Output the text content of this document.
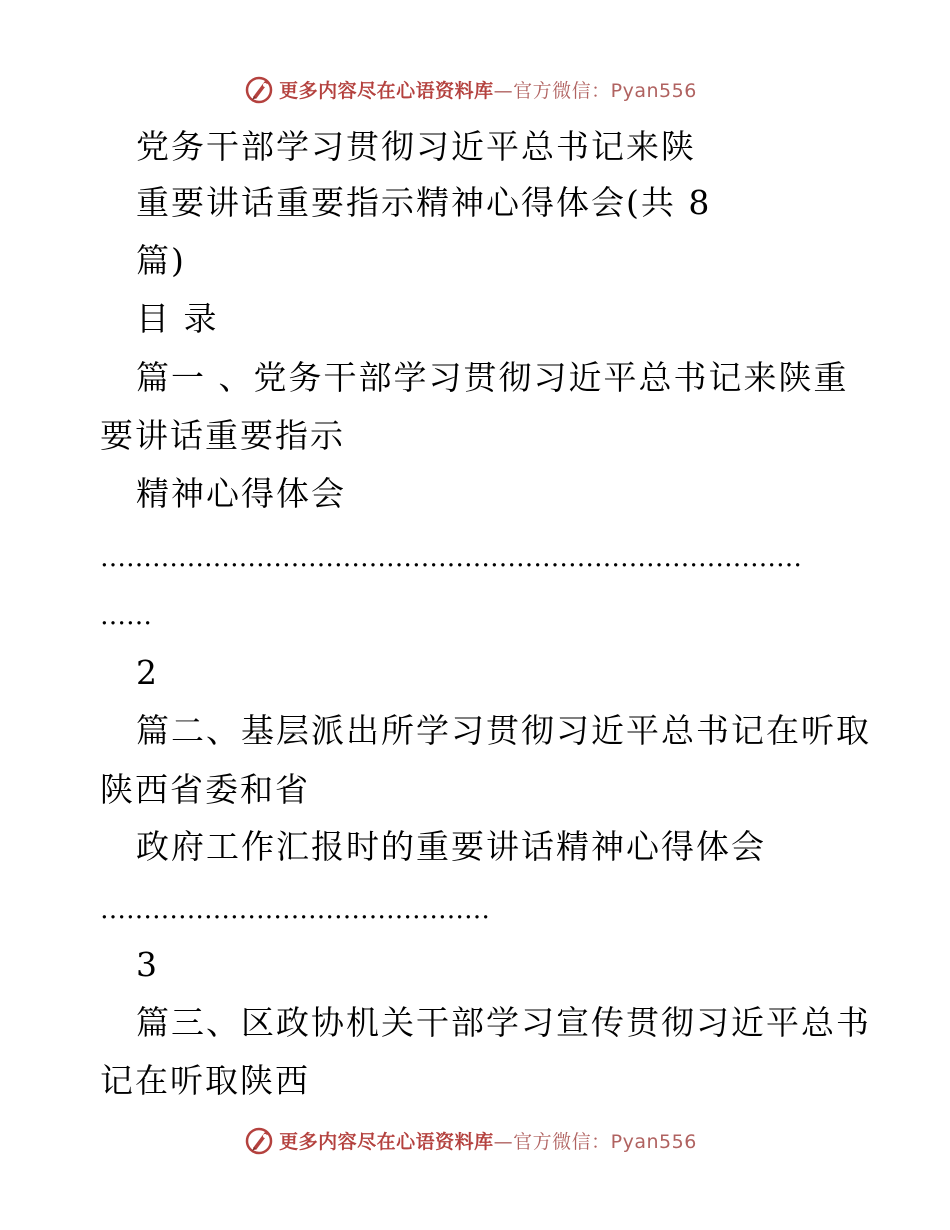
更多内容尽在心语资料库—官方微信：Pyan556
党务干部学习贯彻习近平总书记来陕
重要讲话重要指示精神心得体会(共 8
篇)
目 录
篇一 、党务干部学习贯彻习近平总书记来陕重
要讲话重要指示
精神心得体会
………………………………………………………………………
……
2
篇二、基层派出所学习贯彻习近平总书记在听取
陕西省委和省
政府工作汇报时的重要讲话精神心得体会
………………………………………
3
篇三、区政协机关干部学习宣传贯彻习近平总书
记在听取陕西
更多内容尽在心语资料库—官方微信：Pyan556
